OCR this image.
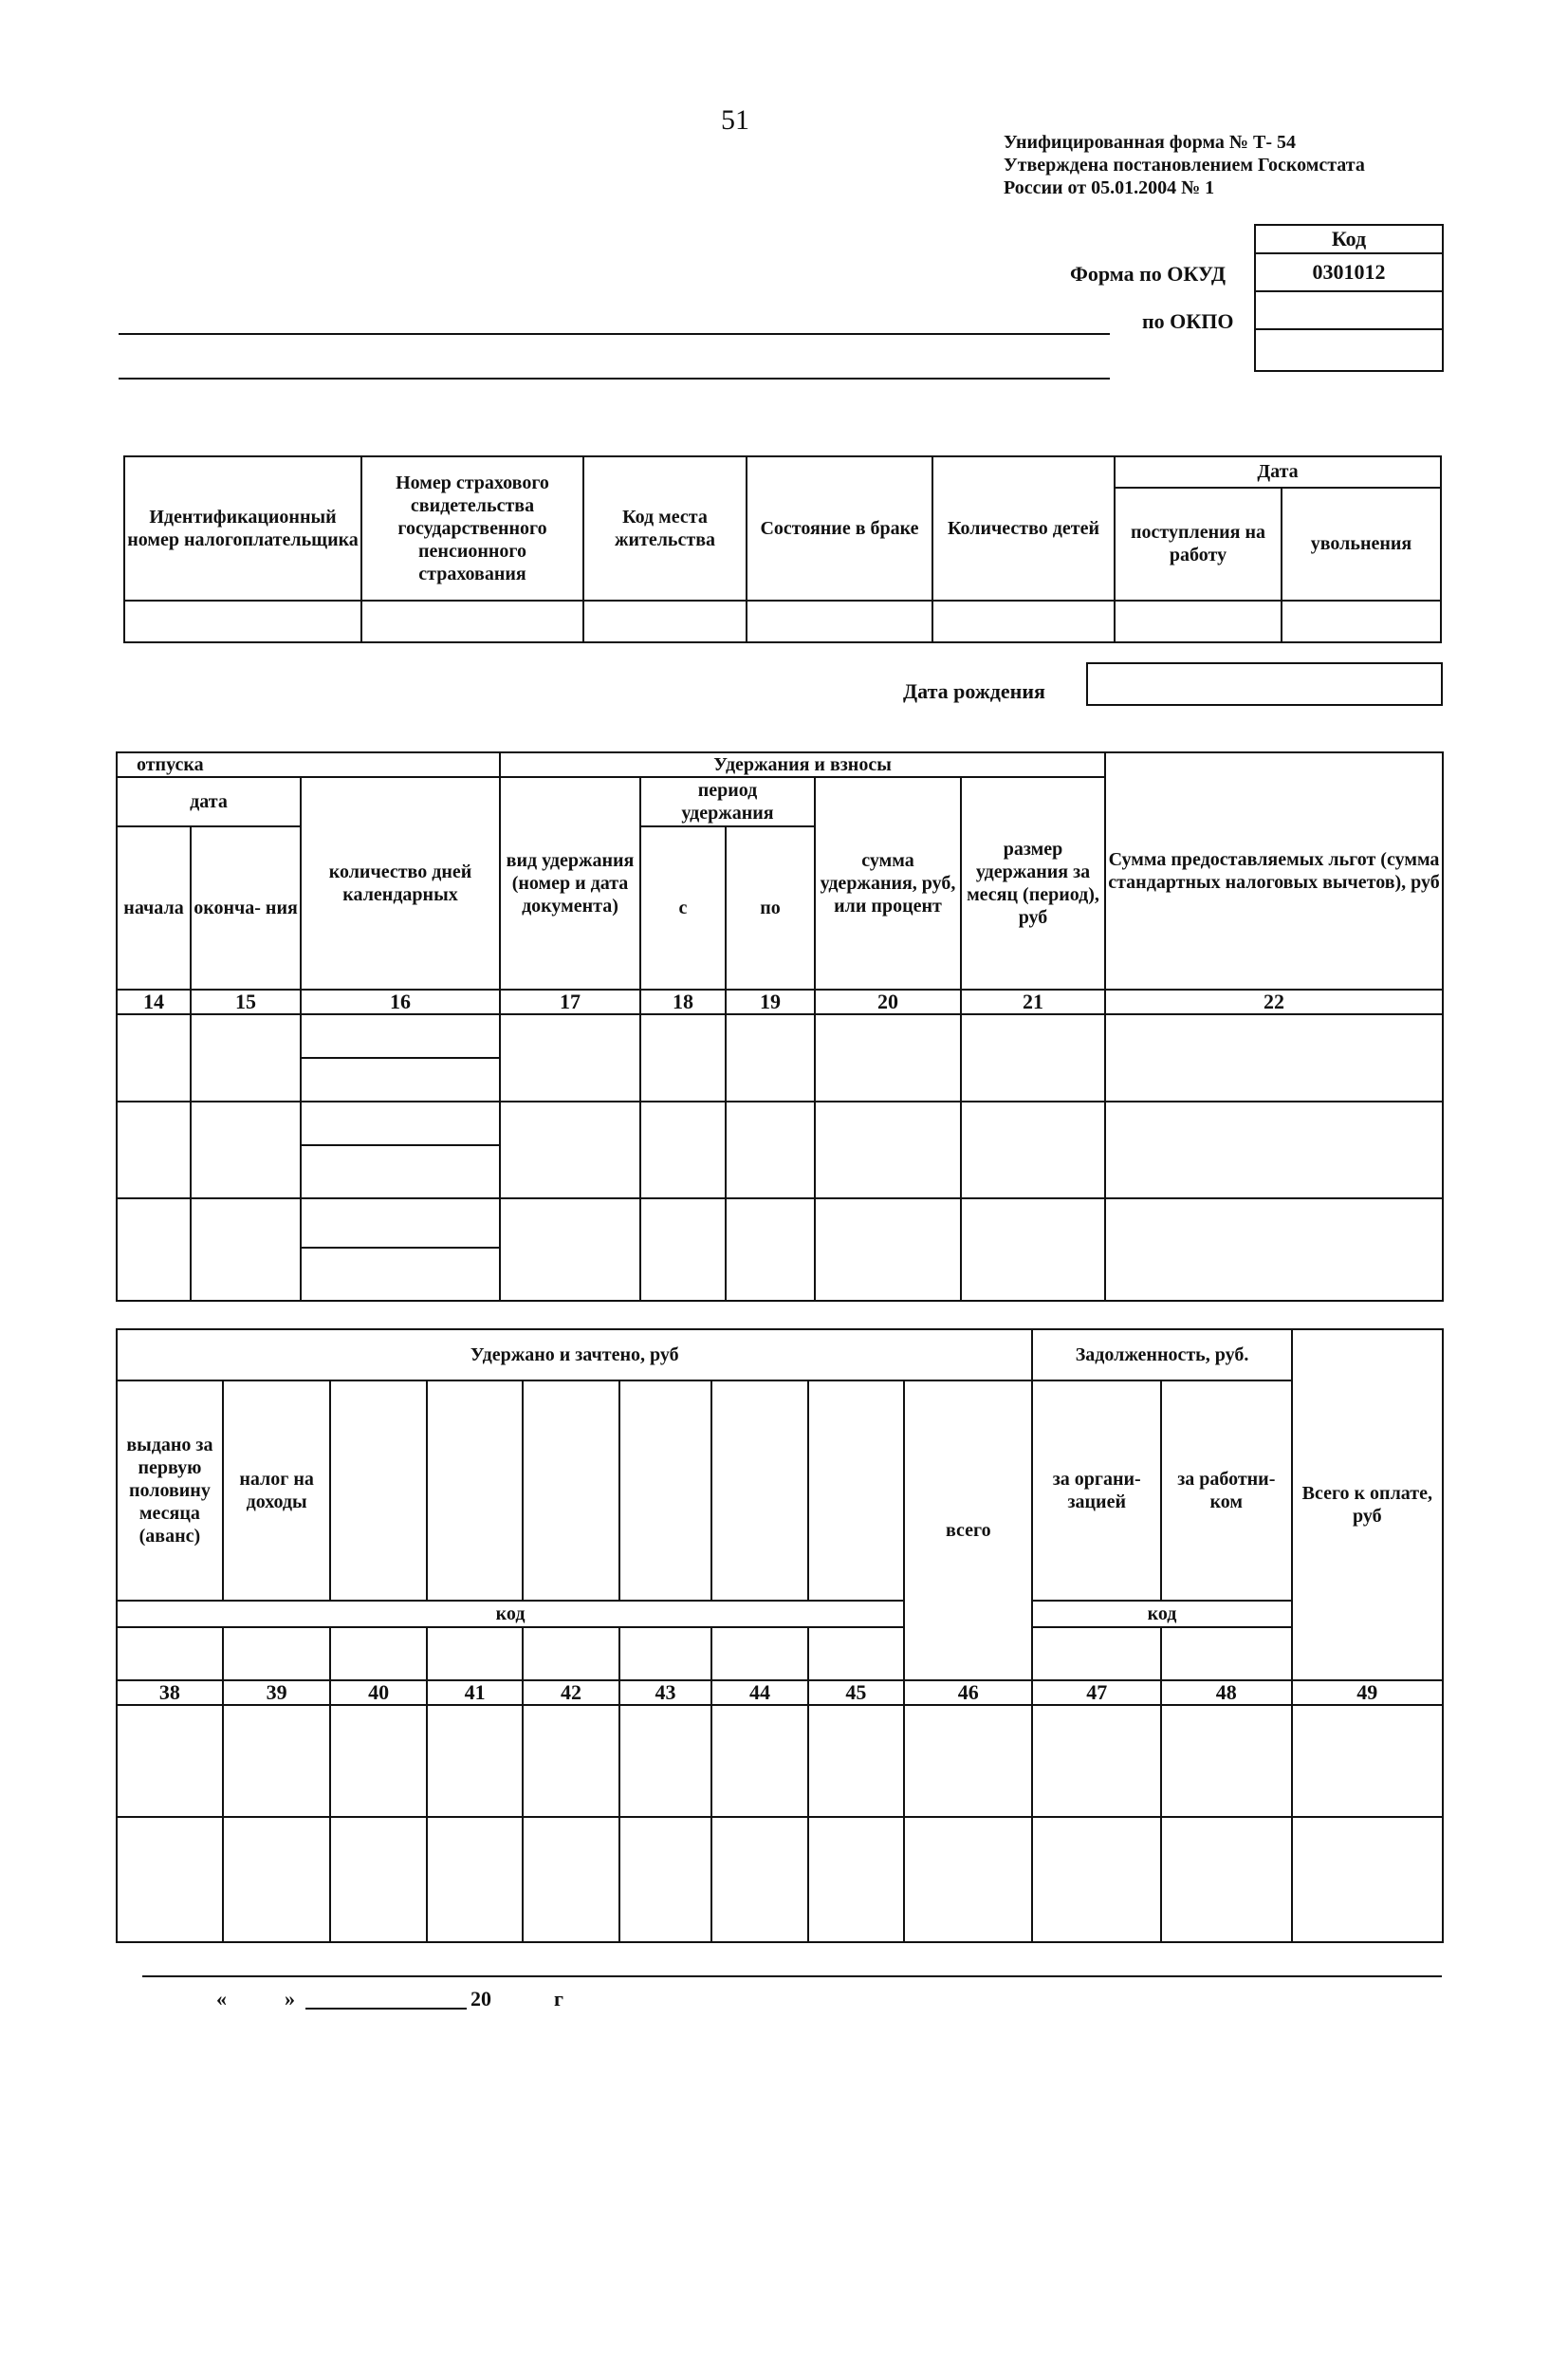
51
Унифицированная форма № Т- 54
Утверждена постановлением Госкомстата
России от 05.01.2004 № 1
Форма по ОКУД
по ОКПО
Код
0301012

Идентификационный номер налогоплательщика	Номер страхового свидетельства государственного пенсионного страхования	Код места жительства	Состояние в браке	Количество детей	Дата	
					поступления на работу	увольнения

Дата рождения
отпуска			Удержания и взносы					Сумма предоставляемых льгот (сумма стандартных налоговых вычетов), руб
дата		количество дней календарных	вид удержания (номер и дата документа)	период удержания		сумма удержания, руб, или процент	размер удержания за месяц (период), руб	
начала	оконча- ния			с	по			

14	15	16	17	18	19	20	21	22

Удержано и зачтено, руб									Задолженность, руб.		Всего к оплате, руб
выдано за первую половину месяца (аванс)	налог на доходы							всего	за органи- зацией	за работни- ком	
код									код		

38	39	40	41	42	43	44	45	46	47	48	49

«	»	20	г
